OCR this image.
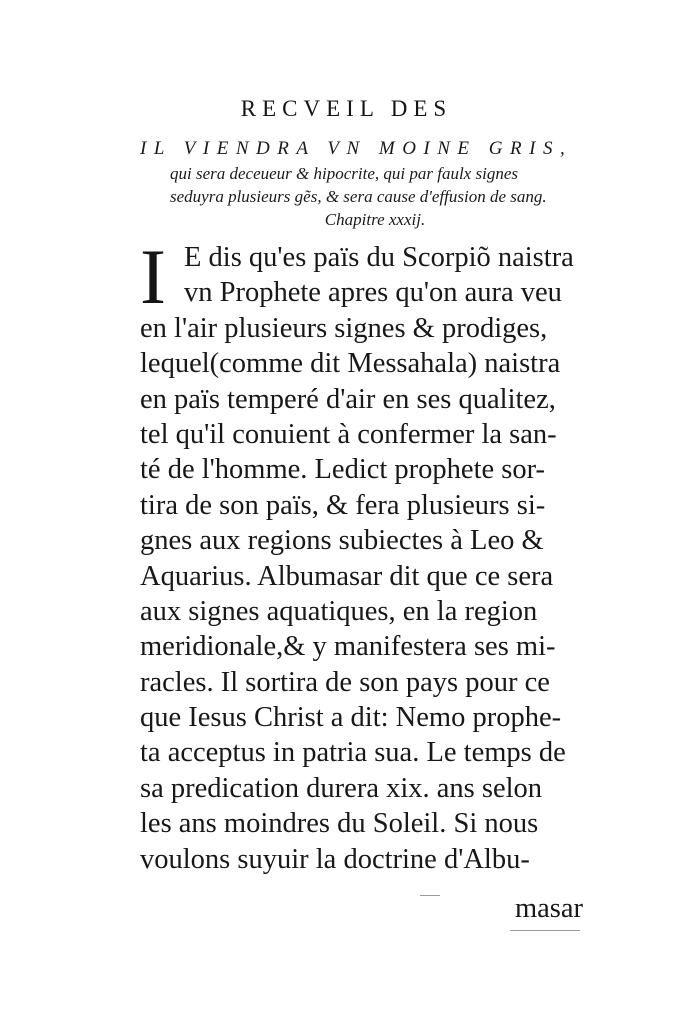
RECVEIL DES
IL VIENDRA VN MOINE GRIS,
qui sera deceueur & hipocrite, qui par faulx signes
seduyra plusieurs gẽs, & sera cause d'effusion de sang.
Chapitre xxxij.
I E dis qu'es païs du Scorpiõ naistra
vn Prophete apres qu'on aura veu
en l'air plusieurs signes & prodiges,
lequel(comme dit Messahala) naistra
en païs temperé d'air en ses qualitez,
tel qu'il conuient à confermer la san-
té de l'homme. Ledict prophete sor-
tira de son païs, & fera plusieurs si-
gnes aux regions subiectes à Leo &
Aquarius. Albumasar dit que ce sera
aux signes aquatiques, en la region
meridionale,& y manifestera ses mi-
racles. Il sortira de son pays pour ce
que Iesus Christ a dit: Nemo prophe-
ta acceptus in patria sua. Le temps de
sa predication durera xix. ans selon
les ans moindres du Soleil. Si nous
voulons suyuir la doctrine d'Albu-
masar
